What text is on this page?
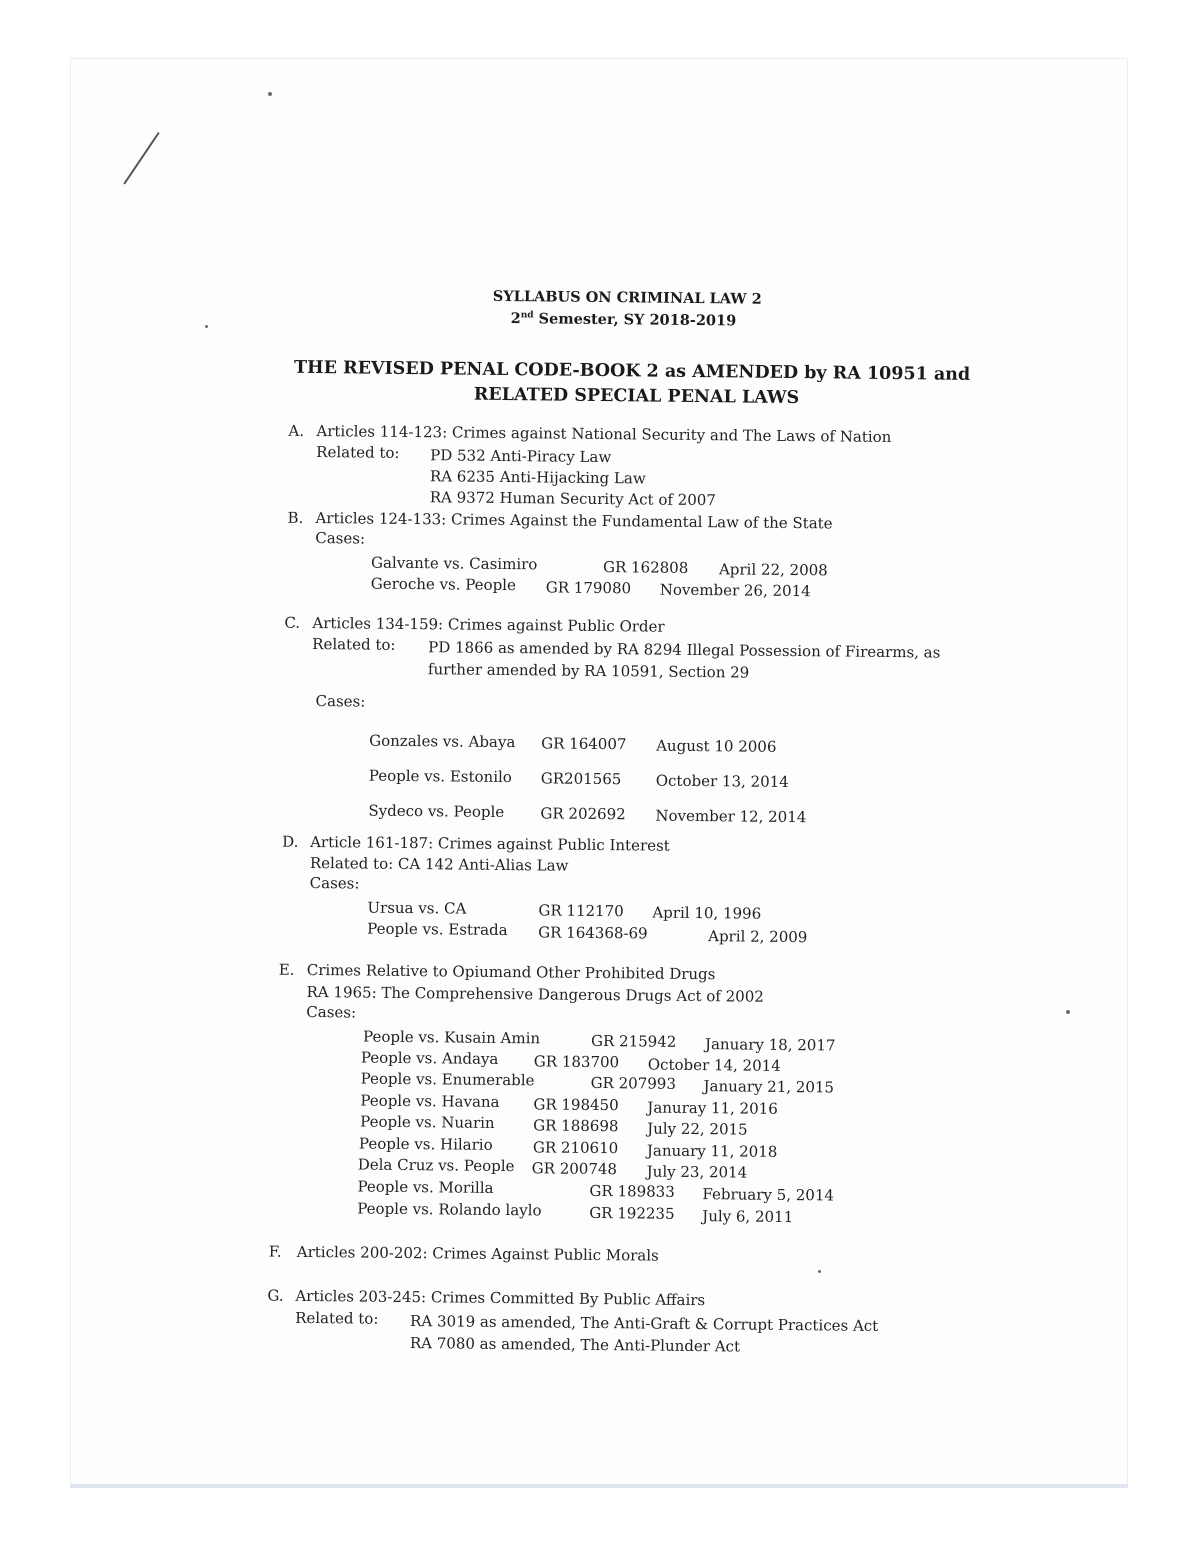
SYLLABUS ON CRIMINAL LAW 2
2nd Semester, SY 2018-2019
THE REVISED PENAL CODE-BOOK 2 as AMENDED by RA 10951 and
RELATED SPECIAL PENAL LAWS
A. Articles 114-123: Crimes against National Security and The Laws of Nation
Related to: PD 532 Anti-Piracy Law
RA 6235 Anti-Hijacking Law
RA 9372 Human Security Act of 2007
B. Articles 124-133: Crimes Against the Fundamental Law of the State
Cases:
Galvante vs. Casimiro	GR 162808 April 22, 2008
Geroche vs. People GR 179080 November 26, 2014
C. Articles 134-159: Crimes against Public Order
Related to: PD 1866 as amended by RA 8294 Illegal Possession of Firearms, as
further amended by RA 10591, Section 29
Cases:
Gonzales vs. Abaya GR 164007 August 10 2006
People vs. Estonilo GR201565 October 13, 2014
Sydeco vs. People GR 202692 November 12, 2014
D. Article 161-187: Crimes against Public Interest
Related to: CA 142 Anti-Alias Law
Cases:
Ursua vs. CA	GR 112170 April 10, 1996
People vs. Estrada GR 164368-69	April 2, 2009
E. Crimes Relative to Opiumand Other Prohibited Drugs
RA 1965: The Comprehensive Dangerous Drugs Act of 2002
Cases:
People vs. Kusain Amin	GR 215942 January 18, 2017
People vs. Andaya GR 183700 October 14, 2014
People vs. Enumerable	GR 207993 January 21, 2015
People vs. Havana GR 198450 Januray 11, 2016
People vs. Nuarin	GR 188698 July 22, 2015
People vs. Hilario	GR 210610 January 11, 2018
Dela Cruz vs. People GR 200748 July 23, 2014
People vs. Morilla	GR 189833 February 5, 2014
People vs. Rolando laylo	GR 192235 July 6, 2011
F. Articles 200-202: Crimes Against Public Morals
G. Articles 203-245: Crimes Committed By Public Affairs
Related to: RA 3019 as amended, The Anti-Graft & Corrupt Practices Act
RA 7080 as amended, The Anti-Plunder Act
